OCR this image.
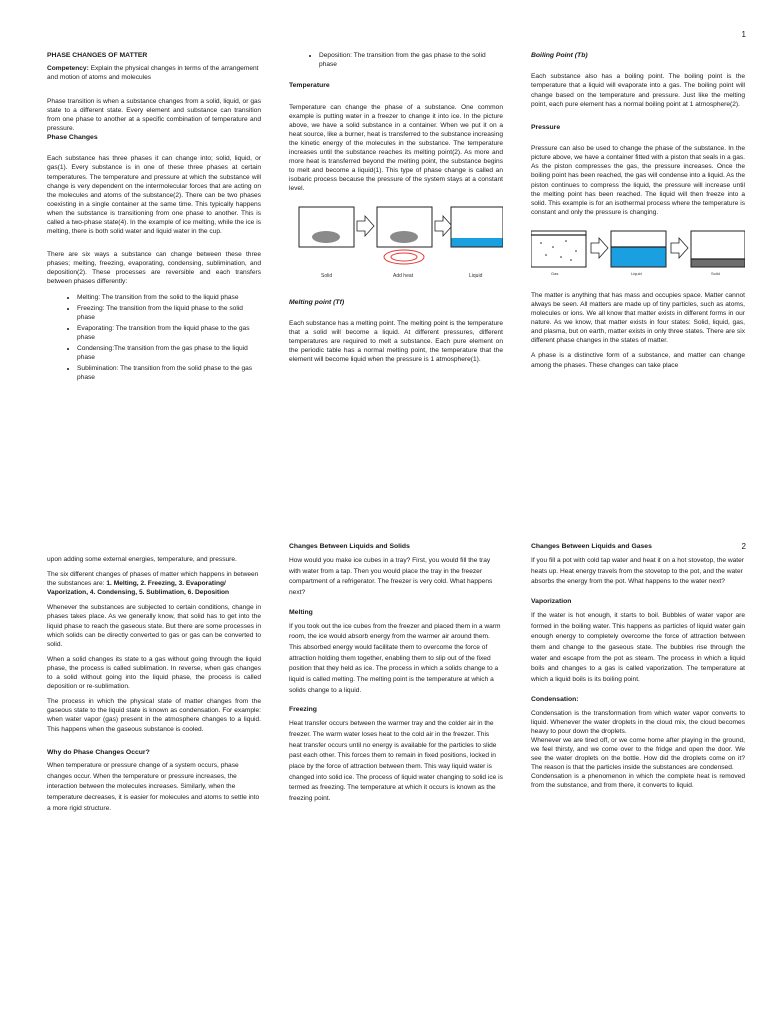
1
PHASE CHANGES OF MATTER

Competency: Explain the physical changes in terms of the arrangement and motion of atoms and molecules

Phase transition is when a substance changes from a solid, liquid, or gas state to a different state. Every element and substance can transition from one phase to another at a specific combination of temperature and pressure.

Phase Changes

Each substance has three phases it can change into; solid, liquid, or gas(1). Every substance is in one of these three phases at certain temperatures. The temperature and pressure at which the substance will change is very dependent on the intermolecular forces that are acting on the molecules and atoms of the substance(2). There can be two phases coexisting in a single container at the same time. This typically happens when the substance is transitioning from one phase to another. This is called a two-phase state(4). In the example of ice melting, while the ice is melting, there is both solid water and liquid water in the cup.

There are six ways a substance can change between these three phases; melting, freezing, evaporating, condensing, sublimination, and deposition(2). These processes are reversible and each transfers between phases differently:

• Melting: The transition from the solid to the liquid phase
• Freezing: The transition from the liquid phase to the solid phase
• Evaporating: The transition from the liquid phase to the gas phase
• Condensing:The transition from the gas phase to the liquid phase
• Sublimination: The transition from the solid phase to the gas phase
• Deposition: The transition from the gas phase to the solid phase
Temperature

Temperature can change the phase of a substance. One common example is putting water in a freezer to change it into ice. In the picture above, we have a solid substance in a container. When we put it on a heat source, like a burner, heat is transferred to the substance increasing the kinetic energy of the molecules in the substance. The temperature increases until the substance reaches its melting point(2). As more and more heat is transferred beyond the melting point, the substance begins to melt and become a liquid(1). This type of phase change is called an isobaric process because the pressure of the system stays at a constant level.

Solid	Add heat	Liquid
Melting point (Tf)

Each substance has a melting point. The melting point is the temperature that a solid will become a liquid. At different pressures, different temperatures are required to melt a substance. Each pure element on the periodic table has a normal melting point, the temperature that the element will become liquid when the pressure is 1 atmosphere(1).

Boiling Point (Tb)

Each substance also has a boiling point. The boiling point is the temperature that a liquid will evaporate into a gas. The boiling point will change based on the temperature and pressure. Just like the melting point, each pure element has a normal boiling point at 1 atmosphere(2).

Pressure

Pressure can also be used to change the phase of the substance. In the picture above, we have a container fitted with a piston that seals in a gas. As the piston compresses the gas, the pressure increases. Once the boiling point has been reached, the gas will condense into a liquid. As the piston continues to compress the liquid, the pressure will increase until the melting point has been reached. The liquid will then freeze into a solid. This example is for an isothermal process where the temperature is constant and only the pressure is changing.

Gas	Liquid	Solid

The matter is anything that has mass and occupies space. Matter cannot always be seen. All matters are made up of tiny particles, such as atoms, molecules or ions. We all know that matter exists in different forms in our nature. As we know, that matter exists in four states: Solid, liquid, gas, and plasma, but on earth, matter exists in only three states. There are six different phase changes in the states of matter.

A phase is a distinctive form of a substance, and matter can change among the phases. These changes can take place

2

upon adding some external energies, temperature, and pressure.

The six different changes of phases of matter which happens in between the substances are: 1. Melting, 2. Freezing, 3. Evaporating/ Vaporization, 4. Condensing, 5. Sublimation, 6. Deposition

Whenever the substances are subjected to certain conditions, change in phases takes place. As we generally know, that solid has to get into the liquid phase to reach the gaseous state. But there are some processes in which solids can be directly converted to gas or gas can be converted to solid.

When a solid changes its state to a gas without going through the liquid phase, the process is called sublimation. In reverse, when gas changes to a solid without going into the liquid phase, the process is called deposition or re-sublimation.

The process in which the physical state of matter changes from the gaseous state to the liquid state is known as condensation. For example: when water vapor (gas) present in the atmosphere changes to a liquid. This happens when the gaseous substance is cooled.

Why do Phase Changes Occur?

When temperature or pressure change of a system occurs, phase changes occur. When the temperature or pressure increases, the interaction between the molecules increases. Similarly, when the temperature decreases, it is easier for molecules and atoms to settle into a more rigid structure.

Changes Between Liquids and Solids

How would you make ice cubes in a tray? First, you would fill the tray with water from a tap. Then you would place the tray in the freezer compartment of a refrigerator. The freezer is very cold. What happens next?

Melting

If you took out the ice cubes from the freezer and placed them in a warm room, the ice would absorb energy from the warmer air around them. This absorbed energy would facilitate them to overcome the force of attraction holding them together, enabling them to slip out of the fixed position that they held as ice. The process in which a solids change to a liquid is called melting. The melting point is the temperature at which a solids change to a liquid.

Freezing

Heat transfer occurs between the warmer tray and the colder air in the freezer. The warm water loses heat to the cold air in the freezer. This heat transfer occurs until no energy is available for the particles to slide past each other. This forces them to remain in fixed positions, locked in place by the force of attraction between them. This way liquid water is changed into solid ice. The process of liquid water changing to solid ice is termed as freezing. The temperature at which it occurs is known as the freezing point.

Changes Between Liquids and Gases

If you fill a pot with cold tap water and heat it on a hot stovetop, the water heats up. Heat energy travels from the stovetop to the pot, and the water absorbs the energy from the pot. What happens to the water next?

Vaporization

If the water is hot enough, it starts to boil. Bubbles of water vapor are formed in the boiling water. This happens as particles of liquid water gain enough energy to completely overcome the force of attraction between them and change to the gaseous state. The bubbles rise through the water and escape from the pot as steam. The process in which a liquid boils and changes to a gas is called vaporization. The temperature at which a liquid boils is its boiling point.

Condensation:

Condensation is the transformation from which water vapor converts to liquid. Whenever the water droplets in the cloud mix, the cloud becomes heavy to pour down the droplets.

Whenever we are tired off, or we come home after playing in the ground, we feel thirsty, and we come over to the fridge and open the door. We see the water droplets on the bottle. How did the droplets come on it? The reason is that the particles inside the substances are condensed.

Condensation is a phenomenon in which the complete heat is removed from the substance, and from there, it converts to liquid.
